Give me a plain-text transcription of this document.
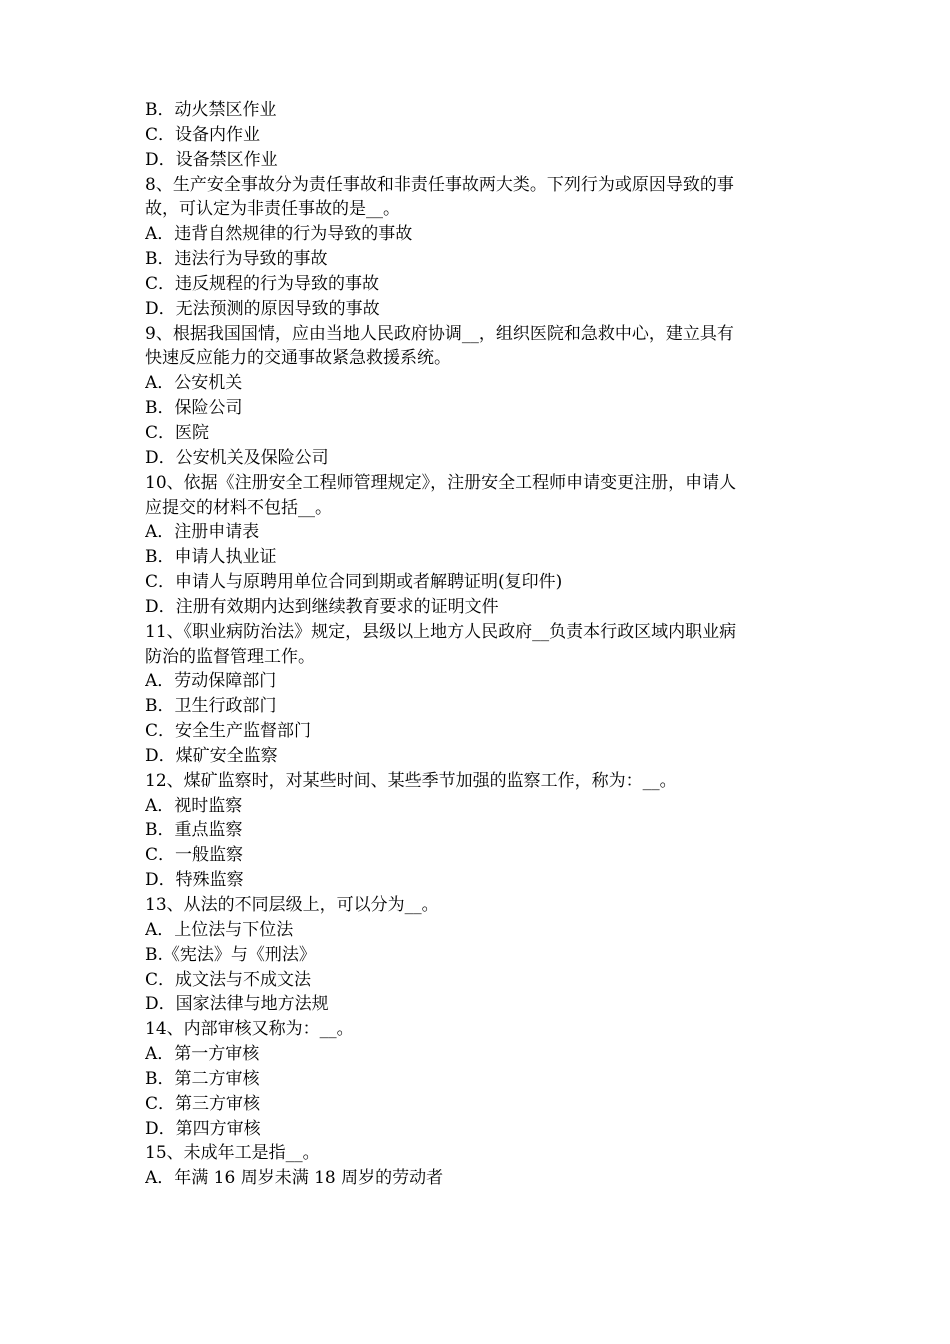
B．动火禁区作业
C．设备内作业
D．设备禁区作业
8、生产安全事故分为责任事故和非责任事故两大类。下列行为或原因导致的事
故，可认定为非责任事故的是__。
A．违背自然规律的行为导致的事故
B．违法行为导致的事故
C．违反规程的行为导致的事故
D．无法预测的原因导致的事故
9、根据我国国情，应由当地人民政府协调__，组织医院和急救中心，建立具有
快速反应能力的交通事故紧急救援系统。
A．公安机关
B．保险公司
C．医院
D．公安机关及保险公司
10、依据《注册安全工程师管理规定》，注册安全工程师申请变更注册，申请人
应提交的材料不包括__。
A．注册申请表
B．申请人执业证
C．申请人与原聘用单位合同到期或者解聘证明(复印件)
D．注册有效期内达到继续教育要求的证明文件
11、《职业病防治法》规定，县级以上地方人民政府__负责本行政区域内职业病
防治的监督管理工作。
A．劳动保障部门
B．卫生行政部门
C．安全生产监督部门
D．煤矿安全监察
12、煤矿监察时，对某些时间、某些季节加强的监察工作，称为：__。
A．视时监察
B．重点监察
C．一般监察
D．特殊监察
13、从法的不同层级上，可以分为__。
A．上位法与下位法
B.《宪法》与《刑法》
C．成文法与不成文法
D．国家法律与地方法规
14、内部审核又称为：__。
A．第一方审核
B．第二方审核
C．第三方审核
D．第四方审核
15、未成年工是指__。
A．年满 16 周岁未满 18 周岁的劳动者
